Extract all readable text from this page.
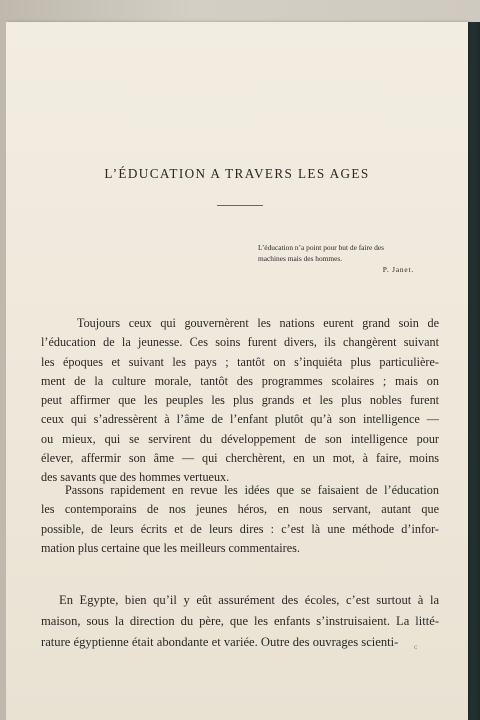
L’ÉDUCATION A TRAVERS LES AGES
L’éducation n’a point pour but de faire des
machines mais des hommes.
P. Janet.
Toujours ceux qui gouvernèrent les nations eurent grand soin de
l’éducation de la jeunesse. Ces soins furent divers, ils changèrent suivant
les époques et suivant les pays ; tantôt on s’inquiéta plus particulière-
ment de la culture morale, tantôt des programmes scolaires ; mais on
peut affirmer que les peuples les plus grands et les plus nobles furent
ceux qui s’adressèrent à l’âme de l’enfant plutôt qu’à son intelligence —
ou mieux, qui se servirent du développement de son intelligence pour
élever, affermir son âme — qui cherchèrent, en un mot, à faire, moins
des savants que des hommes vertueux.
Passons rapidement en revue les idées que se faisaient de l’éducation
les contemporains de nos jeunes héros, en nous servant, autant que
possible, de leurs écrits et de leurs dires : c’est là une méthode d’infor-
mation plus certaine que les meilleurs commentaires.
En Egypte, bien qu’il y eût assurément des écoles, c’est surtout à la
maison, sous la direction du père, que les enfants s’instruisaient. La litté-
rature égyptienne était abondante et variée. Outre des ouvrages scienti-	c
